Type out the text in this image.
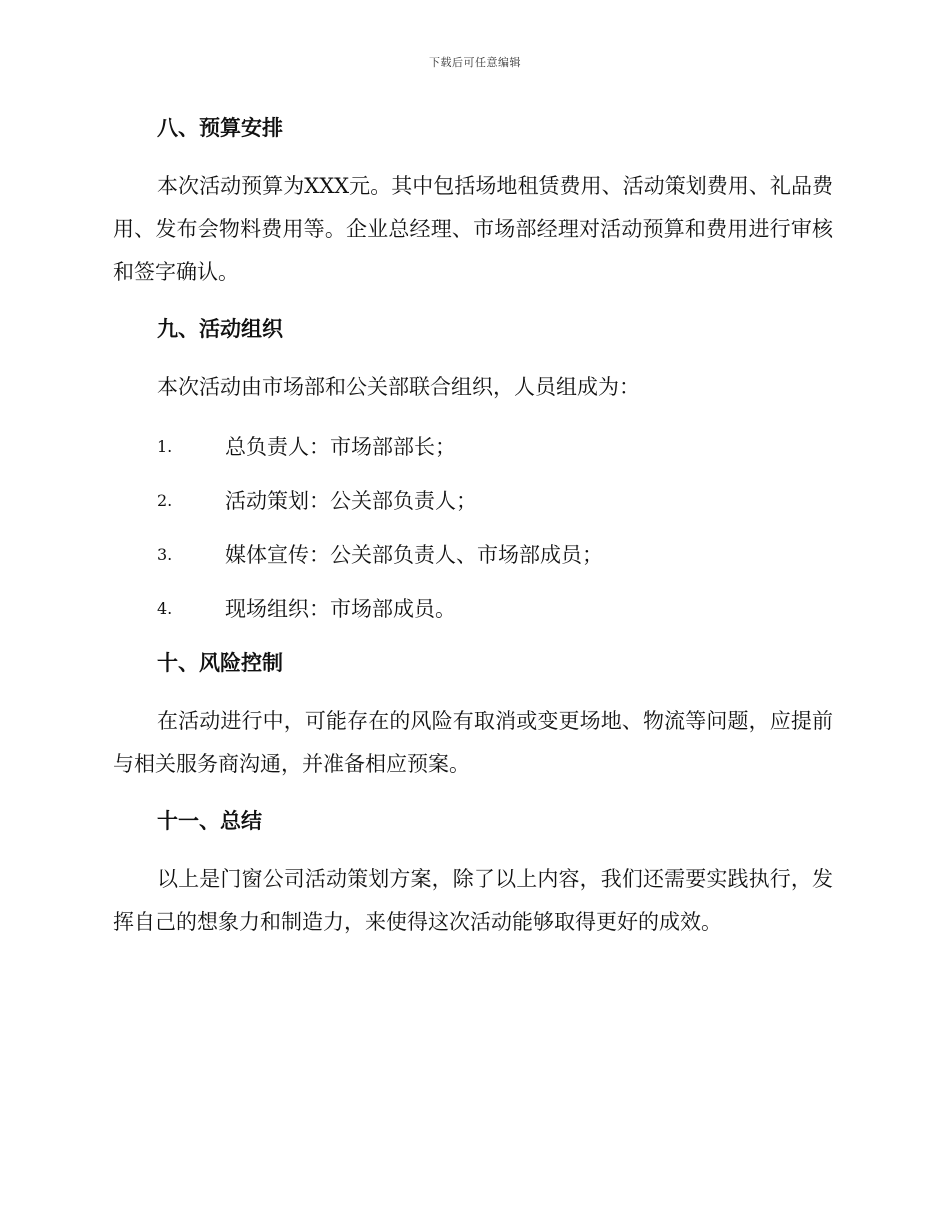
下载后可任意编辑
八、预算安排

本次活动预算为XXX元。其中包括场地租赁费用、活动策划费用、礼品费用、发布会物料费用等。企业总经理、市场部经理对活动预算和费用进行审核和签字确认。

九、活动组织

本次活动由市场部和公关部联合组织，人员组成为：

1.	总负责人：市场部部长；
2.	活动策划：公关部负责人；
3.	媒体宣传：公关部负责人、市场部成员；
4.	现场组织：市场部成员。
十、风险控制

在活动进行中，可能存在的风险有取消或变更场地、物流等问题，应提前与相关服务商沟通，并准备相应预案。

十一、总结

以上是门窗公司活动策划方案，除了以上内容，我们还需要实践执行，发挥自己的想象力和制造力，来使得这次活动能够取得更好的成效。
